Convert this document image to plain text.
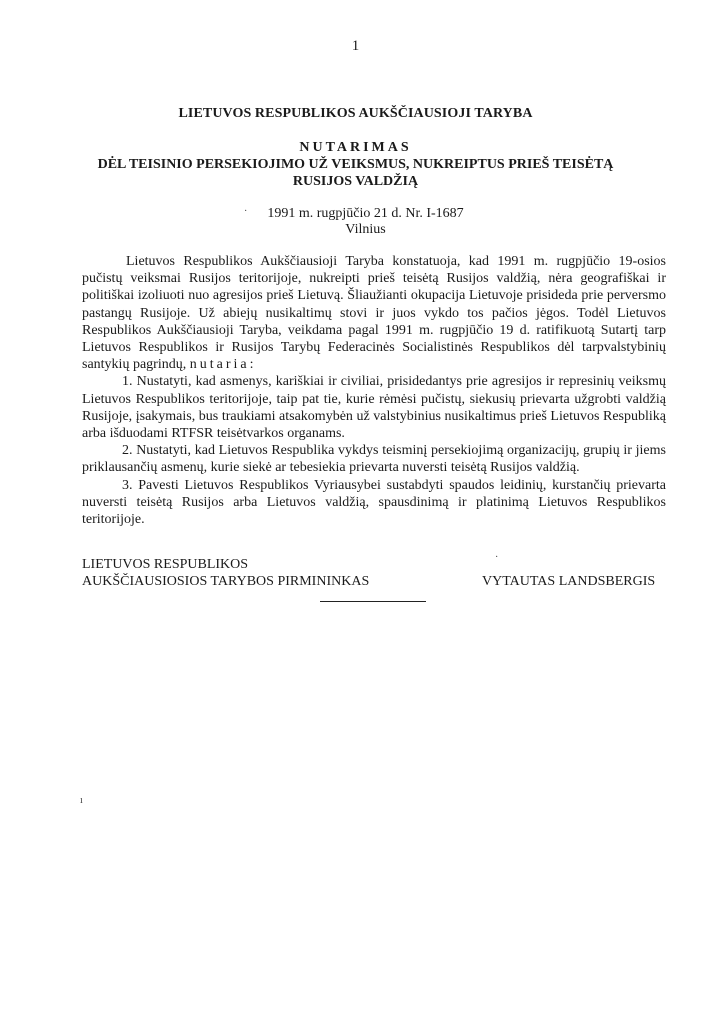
1
LIETUVOS RESPUBLIKOS AUKŠČIAUSIOJI TARYBA
NUTARIMAS
DĖL TEISINIO PERSEKIOJIMO UŽ VEIKSMUS, NUKREIPTUS PRIEŠ TEISĖTĄ
RUSIJOS VALDŽIĄ
1991 m. rugpjūčio 21 d. Nr. I-1687
Vilnius

Lietuvos Respublikos Aukščiausioji Taryba konstatuoja, kad 1991 m. rugpjūčio 19-osios pučistų veiksmai Rusijos teritorijoje, nukreipti prieš teisėtą Rusijos valdžią, nėra geografiškai ir politiškai izoliuoti nuo agresijos prieš Lietuvą. Šliaužianti okupacija Lietuvoje prisideda prie perversmo pastangų Rusijoje. Už abiejų nusikaltimų stovi ir juos vykdo tos pačios jėgos. Todėl Lietuvos Respublikos Aukščiausioji Taryba, veikdama pagal 1991 m. rugpjūčio 19 d. ratifikuotą Sutartį tarp Lietuvos Respublikos ir Rusijos Tarybų Federacinės Socialistinės Respublikos dėl tarpvalstybinių santykių pagrindų, nutaria:

1. Nustatyti, kad asmenys, kariškiai ir civiliai, prisidedantys prie agresijos ir represinių veiksmų Lietuvos Respublikos teritorijoje, taip pat tie, kurie rėmėsi pučistų, siekusių prievarta užgrobti valdžią Rusijoje, įsakymais, bus traukiami atsakomybėn už valstybinius nusikaltimus prieš Lietuvos Respubliką arba išduodami RTFSR teisėtvarkos organams.

2. Nustatyti, kad Lietuvos Respublika vykdys teisminį persekiojimą organizacijų, grupių ir jiems priklausančių asmenų, kurie siekė ar tebesiekia prievarta nuversti teisėtą Rusijos valdžią.

3. Pavesti Lietuvos Respublikos Vyriausybei sustabdyti spaudos leidinių, kurstančių prievarta nuversti teisėtą Rusijos arba Lietuvos valdžią, spausdinimą ir platinimą Lietuvos Respublikos teritorijoje.

LIETUVOS RESPUBLIKOS
AUKŠČIAUSIOSIOS TARYBOS PIRMININKAS	VYTAUTAS LANDSBERGIS
·
·
ı
